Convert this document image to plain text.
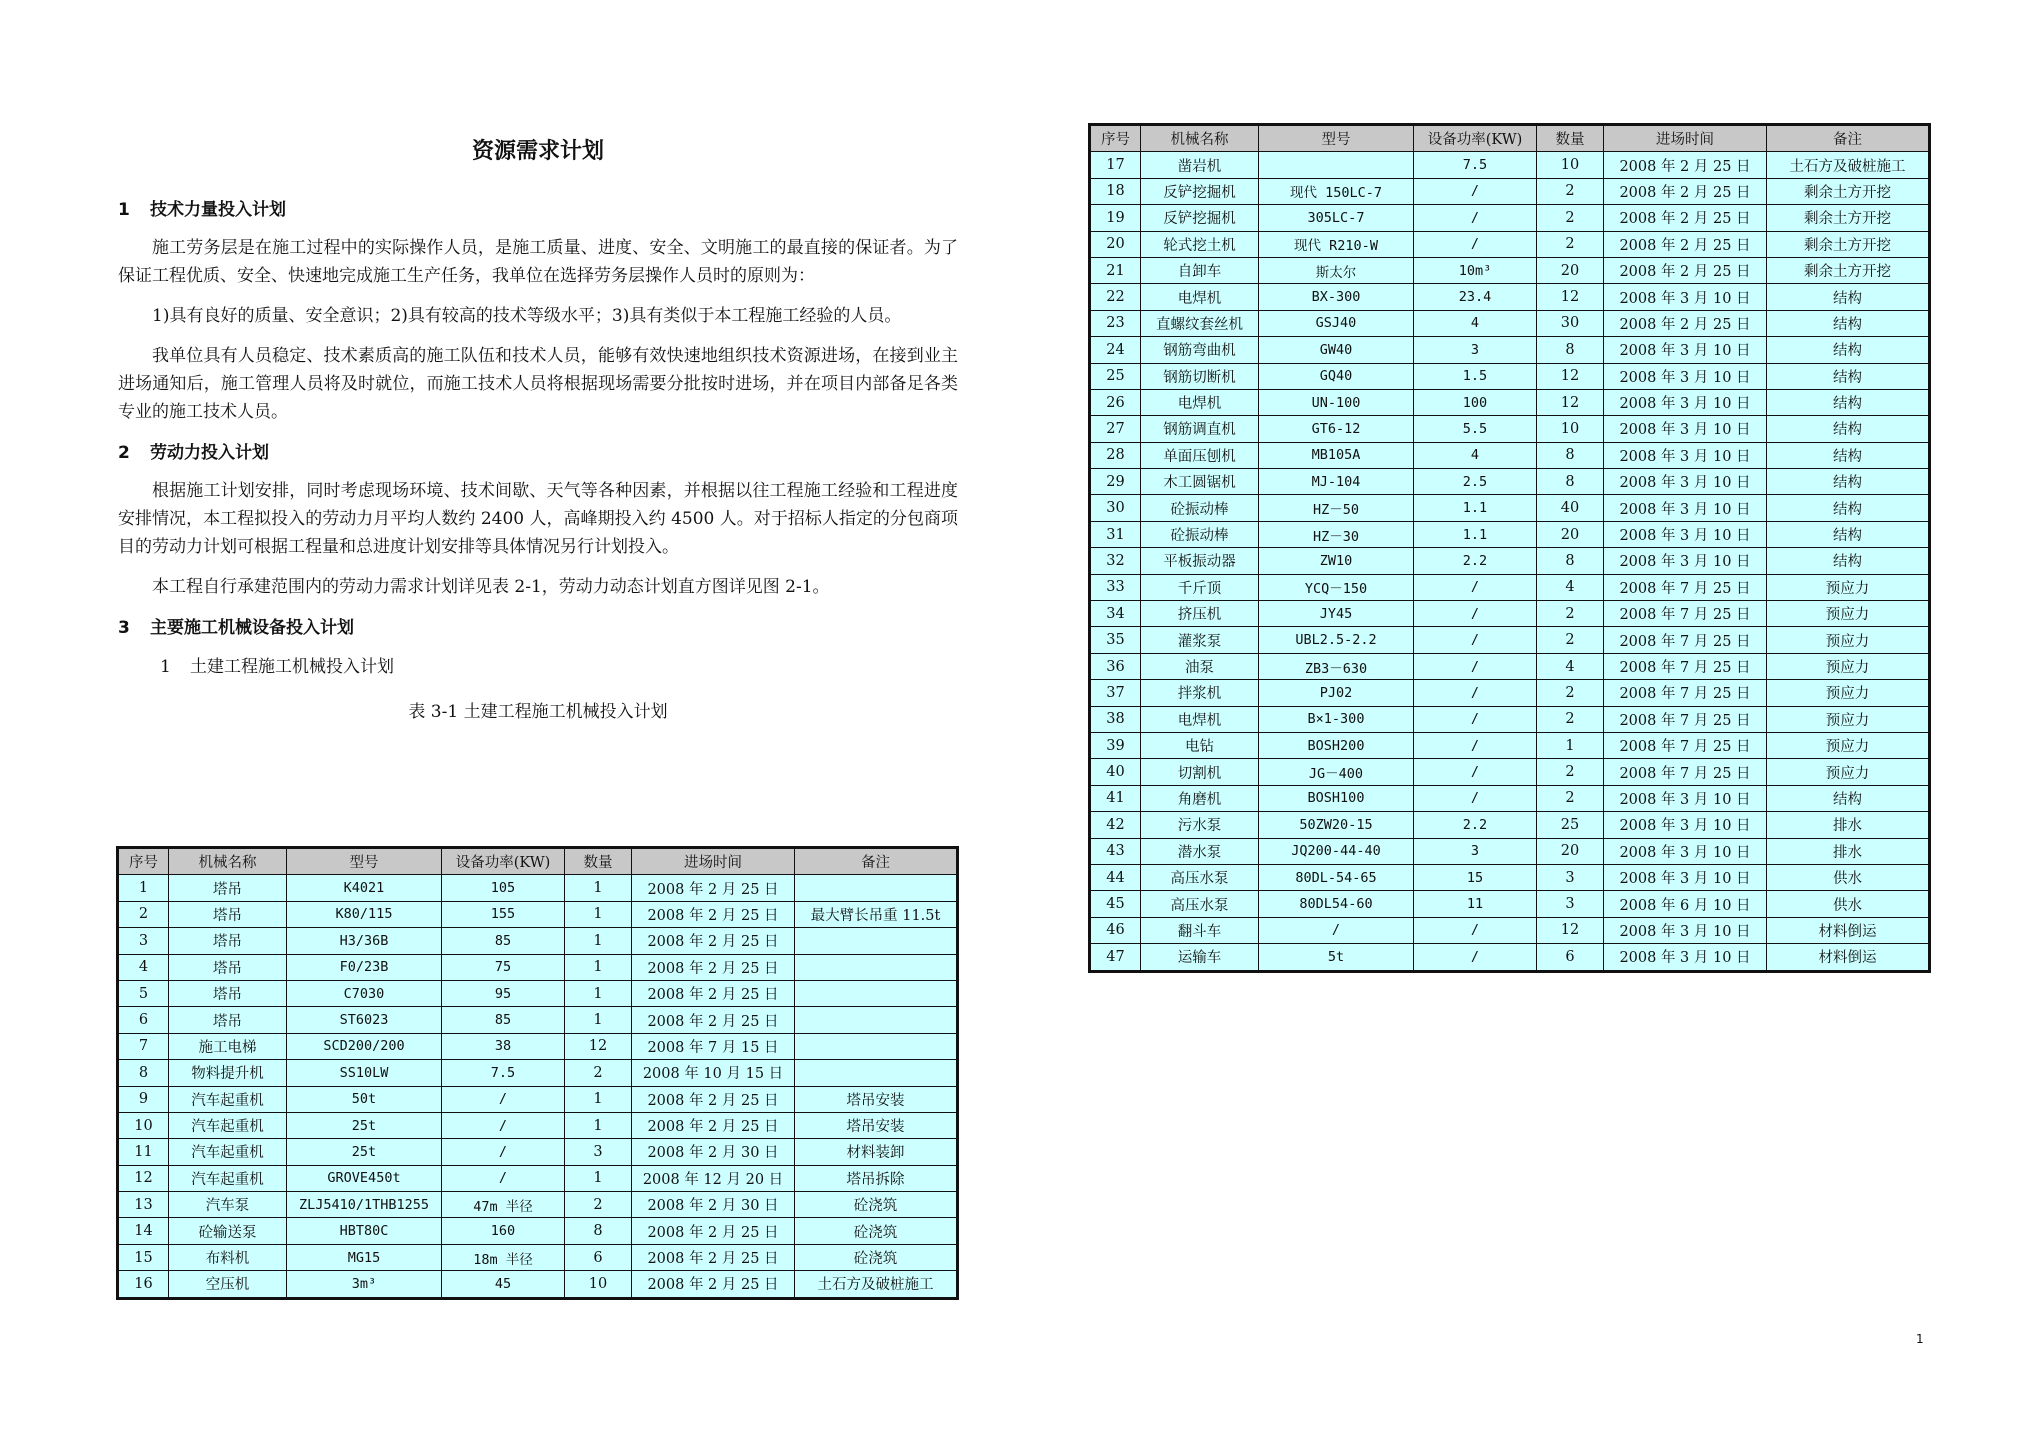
资源需求计划
1 技术力量投入计划

施工劳务层是在施工过程中的实际操作人员，是施工质量、进度、安全、文明施工的最直接的保证者。为了保证工程优质、安全、快速地完成施工生产任务，我单位在选择劳务层操作人员时的原则为：

1)具有良好的质量、安全意识；2)具有较高的技术等级水平；3)具有类似于本工程施工经验的人员。

我单位具有人员稳定、技术素质高的施工队伍和技术人员，能够有效快速地组织技术资源进场，在接到业主进场通知后，施工管理人员将及时就位，而施工技术人员将根据现场需要分批按时进场，并在项目内部备足各类专业的施工技术人员。

2 劳动力投入计划

根据施工计划安排，同时考虑现场环境、技术间歇、天气等各种因素，并根据以往工程施工经验和工程进度安排情况，本工程拟投入的劳动力月平均人数约 2400 人，高峰期投入约 4500 人。对于招标人指定的分包商项目的劳动力计划可根据工程量和总进度计划安排等具体情况另行计划投入。

本工程自行承建范围内的劳动力需求计划详见表 2-1，劳动力动态计划直方图详见图 2-1。

3 主要施工机械设备投入计划
1 土建工程施工机械投入计划
表 3-1 土建工程施工机械投入计划
序号	机械名称	型号	设备功率(KW)	数量	进场时间	备注
1	塔吊	K4021	105	1	2008 年 2 月 25 日	
2	塔吊	K80/115	155	1	2008 年 2 月 25 日	最大臂长吊重 11.5t
3	塔吊	H3/36B	85	1	2008 年 2 月 25 日	
4	塔吊	F0/23B	75	1	2008 年 2 月 25 日	
5	塔吊	C7030	95	1	2008 年 2 月 25 日	
6	塔吊	ST6023	85	1	2008 年 2 月 25 日	
7	施工电梯	SCD200/200	38	12	2008 年 7 月 15 日	
8	物料提升机	SS10LW	7.5	2	2008 年 10 月 15 日	
9	汽车起重机	50t	/	1	2008 年 2 月 25 日	塔吊安装
10	汽车起重机	25t	/	1	2008 年 2 月 25 日	塔吊安装
11	汽车起重机	25t	/	3	2008 年 2 月 30 日	材料装卸
12	汽车起重机	GROVE450t	/	1	2008 年 12 月 20 日	塔吊拆除
13	汽车泵	ZLJ5410/1THB1255	47m 半径	2	2008 年 2 月 30 日	砼浇筑
14	砼输送泵	HBT80C	160	8	2008 年 2 月 25 日	砼浇筑
15	布料机	MG15	18m 半径	6	2008 年 2 月 25 日	砼浇筑
16	空压机	3m³	45	10	2008 年 2 月 25 日	土石方及破桩施工
序号	机械名称	型号	设备功率(KW)	数量	进场时间	备注
17	凿岩机		7.5	10	2008 年 2 月 25 日	土石方及破桩施工
18	反铲挖掘机	现代 150LC-7	/	2	2008 年 2 月 25 日	剩余土方开挖
19	反铲挖掘机	305LC-7	/	2	2008 年 2 月 25 日	剩余土方开挖
20	轮式挖土机	现代 R210-W	/	2	2008 年 2 月 25 日	剩余土方开挖
21	自卸车	斯太尔	10m³	20	2008 年 2 月 25 日	剩余土方开挖
22	电焊机	BX-300	23.4	12	2008 年 3 月 10 日	结构
23	直螺纹套丝机	GSJ40	4	30	2008 年 2 月 25 日	结构
24	钢筋弯曲机	GW40	3	8	2008 年 3 月 10 日	结构
25	钢筋切断机	GQ40	1.5	12	2008 年 3 月 10 日	结构
26	电焊机	UN-100	100	12	2008 年 3 月 10 日	结构
27	钢筋调直机	GT6-12	5.5	10	2008 年 3 月 10 日	结构
28	单面压刨机	MB105A	4	8	2008 年 3 月 10 日	结构
29	木工圆锯机	MJ-104	2.5	8	2008 年 3 月 10 日	结构
30	砼振动棒	HZ－50	1.1	40	2008 年 3 月 10 日	结构
31	砼振动棒	HZ－30	1.1	20	2008 年 3 月 10 日	结构
32	平板振动器	ZW10	2.2	8	2008 年 3 月 10 日	结构
33	千斤顶	YCQ－150	/	4	2008 年 7 月 25 日	预应力
34	挤压机	JY45	/	2	2008 年 7 月 25 日	预应力
35	灌浆泵	UBL2.5-2.2	/	2	2008 年 7 月 25 日	预应力
36	油泵	ZB3－630	/	4	2008 年 7 月 25 日	预应力
37	拌浆机	PJ02	/	2	2008 年 7 月 25 日	预应力
38	电焊机	B×1-300	/	2	2008 年 7 月 25 日	预应力
39	电钻	BOSH200	/	1	2008 年 7 月 25 日	预应力
40	切割机	JG－400	/	2	2008 年 7 月 25 日	预应力
41	角磨机	BOSH100	/	2	2008 年 3 月 10 日	结构
42	污水泵	50ZW20-15	2.2	25	2008 年 3 月 10 日	排水
43	潜水泵	JQ200-44-40	3	20	2008 年 3 月 10 日	排水
44	高压水泵	80DL-54-65	15	3	2008 年 3 月 10 日	供水
45	高压水泵	80DL54-60	11	3	2008 年 6 月 10 日	供水
46	翻斗车	/	/	12	2008 年 3 月 10 日	材料倒运
47	运输车	5t	/	6	2008 年 3 月 10 日	材料倒运
1
